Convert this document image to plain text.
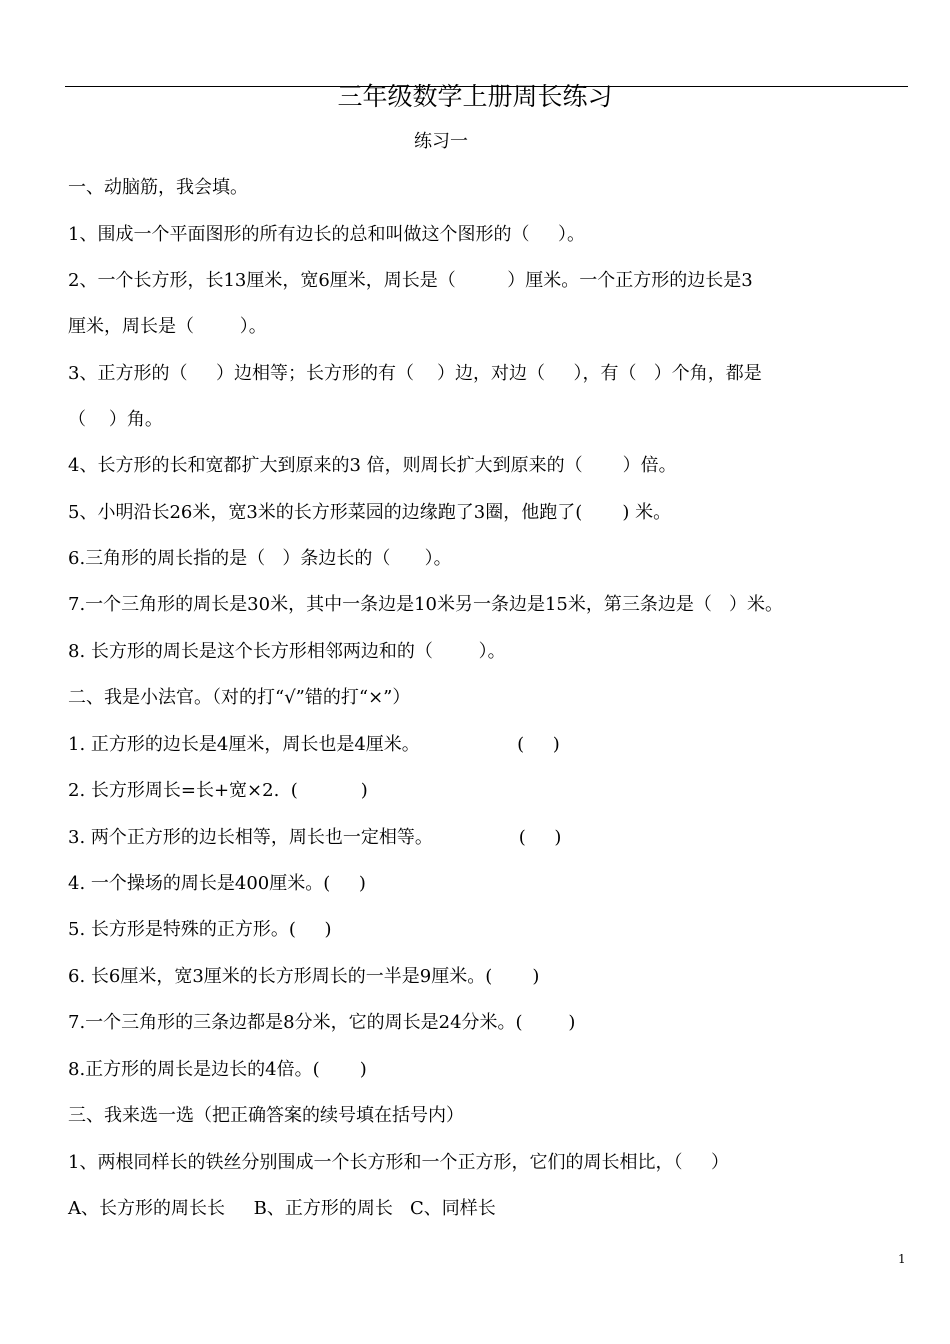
三年级数学上册周长练习
练习一
一、动脑筋，我会填。
1、围成一个平面图形的所有边长的总和叫做这个图形的（     ）。
2、一个长方形，长13厘米，宽6厘米，周长是（         ）厘米。一个正方形的边长是3
厘米，周长是（        ）。
3、正方形的（     ）边相等；长方形的有（    ）边，对边（     ），有（   ）个角，都是
（    ）角。
4、长方形的长和宽都扩大到原来的3 倍，则周长扩大到原来的（       ）倍。
5、小明沿长26米，宽3米的长方形菜园的边缘跑了3圈，他跑了(       ) 米。
6.三角形的周长指的是（   ）条边长的（      ）。
7.一个三角形的周长是30米，其中一条边是10米另一条边是15米，第三条边是（   ）米。
8. 长方形的周长是这个长方形相邻两边和的（        ）。
二、我是小法官。（对的打“√”错的打“×”）
1. 正方形的边长是4厘米，周长也是4厘米。                 (     )
2. 长方形周长=长+宽×2.  (           )
3. 两个正方形的边长相等，周长也一定相等。               (     )
4. 一个操场的周长是400厘米。(     )
5. 长方形是特殊的正方形。(     )
6. 长6厘米，宽3厘米的长方形周长的一半是9厘米。(       )
7.一个三角形的三条边都是8分米，它的周长是24分米。(        )
8.正方形的周长是边长的4倍。(       )
三、我来选一选（把正确答案的续号填在括号内）
1、两根同样长的铁丝分别围成一个长方形和一个正方形，它们的周长相比，（     ）
A、长方形的周长长     B、正方形的周长   C、同样长
1
